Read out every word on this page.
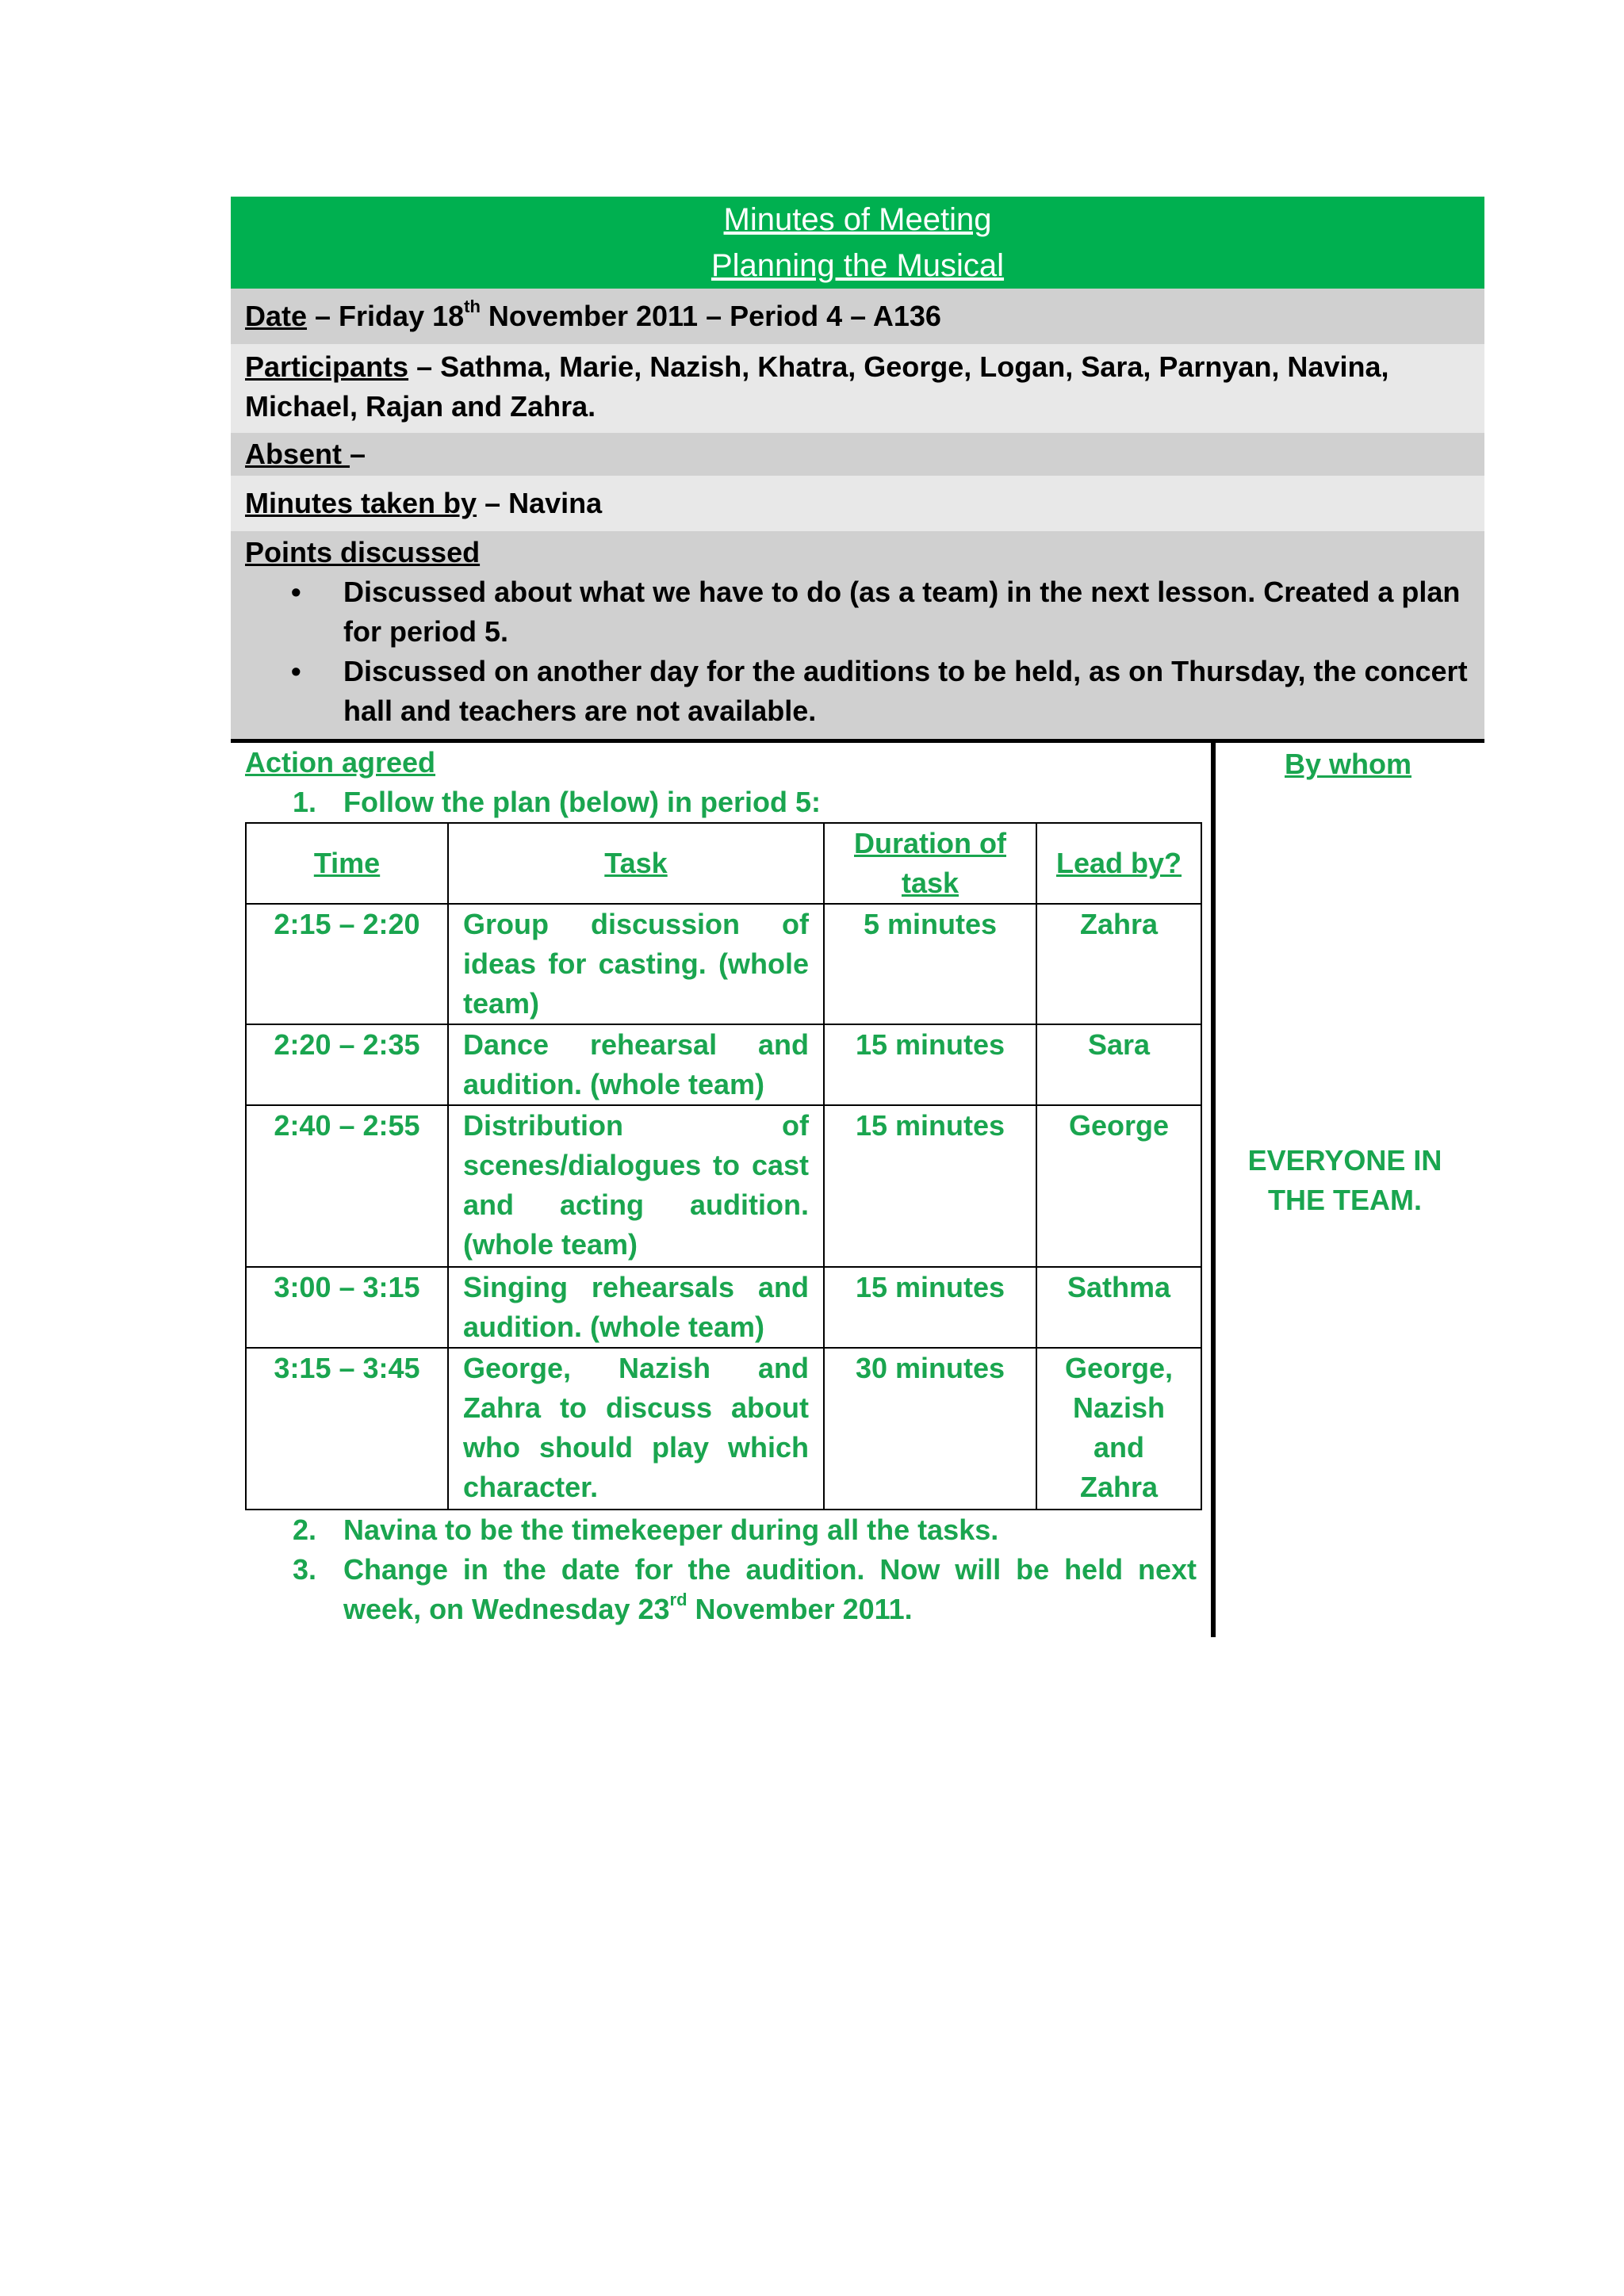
Minutes of Meeting
Planning the Musical
Date – Friday 18th November 2011 – Period 4 – A136
Participants – Sathma, Marie, Nazish, Khatra, George, Logan, Sara, Parnyan, Navina, Michael, Rajan and Zahra.
Absent –
Minutes taken by – Navina
Points discussed
• Discussed about what we have to do (as a team) in the next lesson. Created a plan for period 5.
• Discussed on another day for the auditions to be held, as on Thursday, the concert hall and teachers are not available.
By whom
EVERYONE IN THE TEAM.
Action agreed
1. Follow the plan (below) in period 5:
Time	Task	Duration of task	Lead by?
2:15 – 2:20	Group discussion of ideas for casting. (whole team)	5 minutes	Zahra
2:20 – 2:35	Dance rehearsal and audition. (whole team)	15 minutes	Sara
2:40 – 2:55	Distribution of scenes/dialogues to cast and acting audition. (whole team)	15 minutes	George
3:00 – 3:15	Singing rehearsals and audition. (whole team)	15 minutes	Sathma
3:15 – 3:45	George, Nazish and Zahra to discuss about who should play which character.	30 minutes	George, Nazish and Zahra
2. Navina to be the timekeeper during all the tasks.
3. Change in the date for the audition. Now will be held next week, on Wednesday 23rd November 2011.
